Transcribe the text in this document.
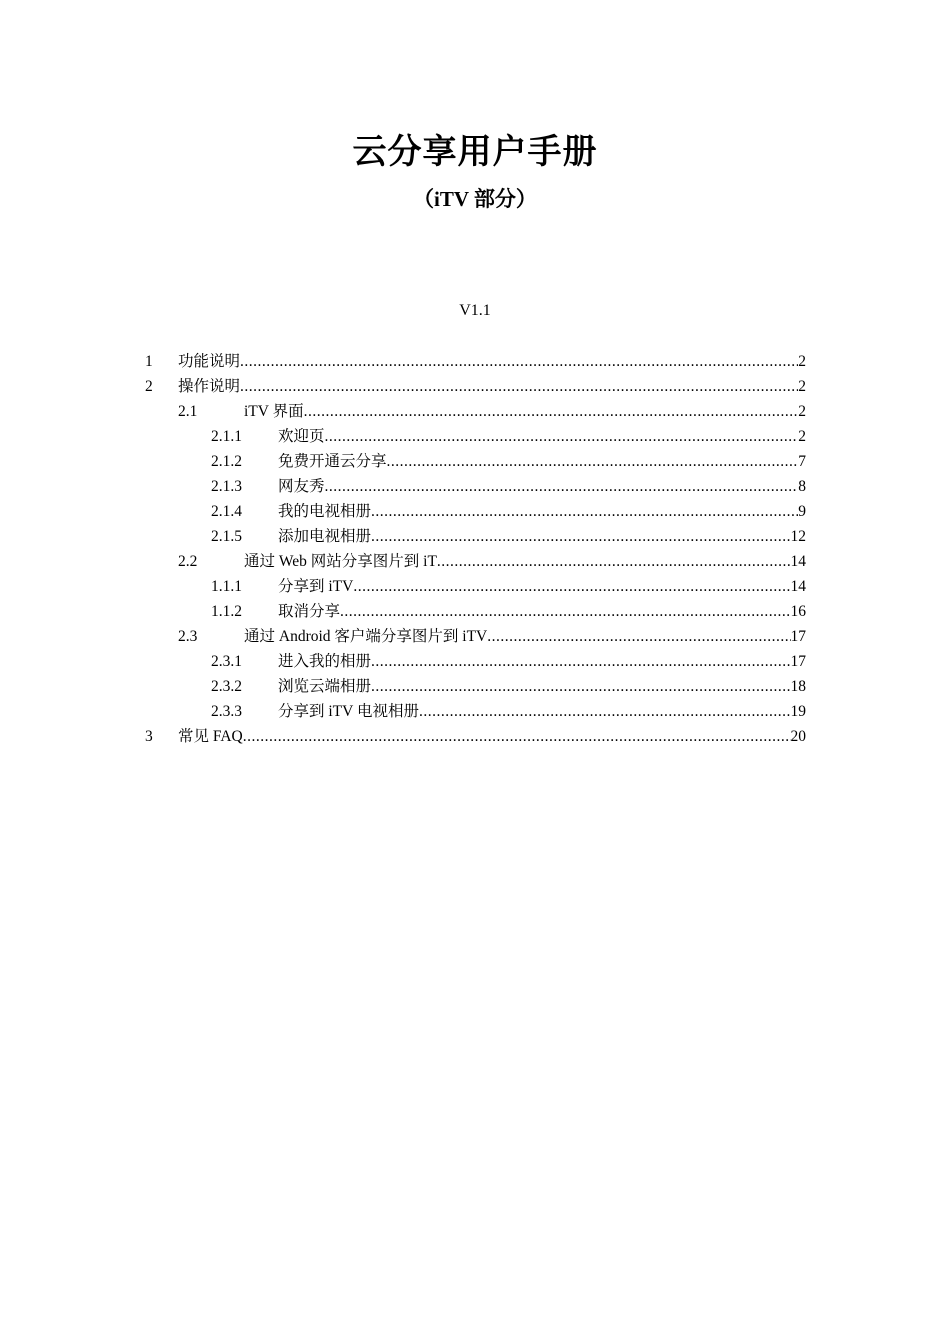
云分享用户手册
（iTV 部分）
V1.1
1 功能说明 .....	2
2 操作说明 .....	2
2.1	iTV 界面 .....	2
2.1.1 欢迎页 .....	2
2.1.2 免费开通云分享 .....	7
2.1.3 网友秀 .....	8
2.1.4 我的电视相册 .....	9
2.1.5 添加电视相册 .....	12
2.2	通过 Web 网站分享图片到 iT .....	14
1.1.1 分享到 iTV .....	14
1.1.2 取消分享 .....	16
2.3	通过 Android 客户端分享图片到 iTV .....	17
2.3.1 进入我的相册 .....	17
2.3.2 浏览云端相册 .....	18
2.3.3 分享到 iTV 电视相册 .....	19
3 常见 FAQ .....	20
